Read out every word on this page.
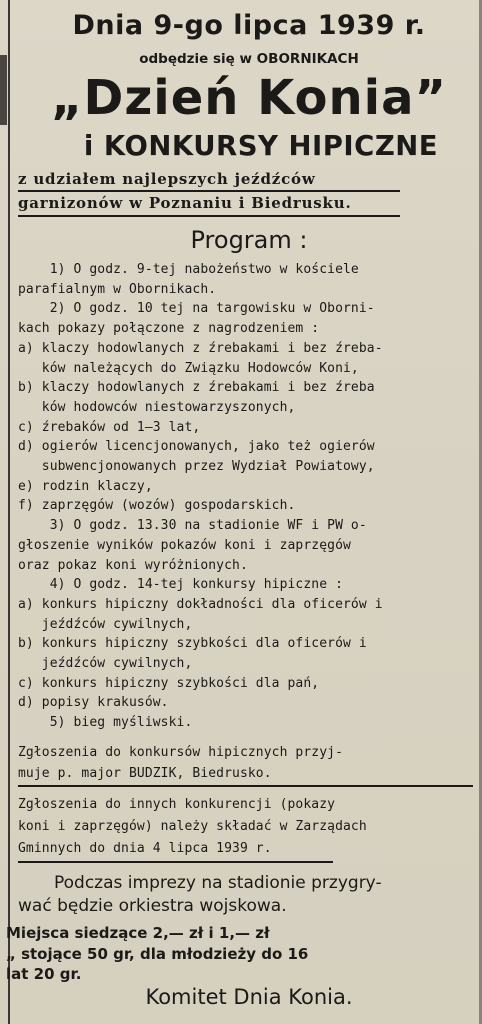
Dnia 9-go lipca 1939 r.
odbędzie się w OBORNIKACH
„Dzień Konia”
i KONKURSY HIPICZNE
z udziałem najlepszych jeźdźców
garnizonów w Poznaniu i Biedrusku.
Program :
1) O godz. 9-tej nabożeństwo w kościele
parafialnym w Obornikach.
2) O godz. 10 tej na targowisku w Oborni-
kach pokazy połączone z nagrodzeniem :
a) klaczy hodowlanych z źrebakami i bez źreba-
ków należących do Związku Hodowców Koni,
b) klaczy hodowlanych z źrebakami i bez źreba
ków hodowców niestowarzyszonych,
c) źrebaków od 1—3 lat,
d) ogierów licencjonowanych, jako też ogierów
subwencjonowanych przez Wydział Powiatowy,
e) rodzin klaczy,
f) zaprzęgów (wozów) gospodarskich.
3) O godz. 13.30 na stadionie WF i PW o-
głoszenie wyników pokazów koni i zaprzęgów
oraz pokaz koni wyróżnionych.
4) O godz. 14-tej konkursy hipiczne :
a) konkurs hipiczny dokładności dla oficerów i
jeźdźców cywilnych,
b) konkurs hipiczny szybkości dla oficerów i
jeźdźców cywilnych,
c) konkurs hipiczny szybkości dla pań,
d) popisy krakusów.
5) bieg myśliwski.
Zgłoszenia do konkursów hipicznych przyj-
muje p. major BUDZIK, Biedrusko.
Zgłoszenia do innych konkurencji (pokazy
koni i zaprzęgów) należy składać w Zarządach
Gminnych do dnia 4 lipca 1939 r.
Podczas imprezy na stadionie przygry-
wać będzie orkiestra wojskowa.
Miejsca siedzące 2,— zł i 1,— zł
„ stojące 50 gr, dla młodzieży do 16
lat 20 gr.
Komitet Dnia Konia.
